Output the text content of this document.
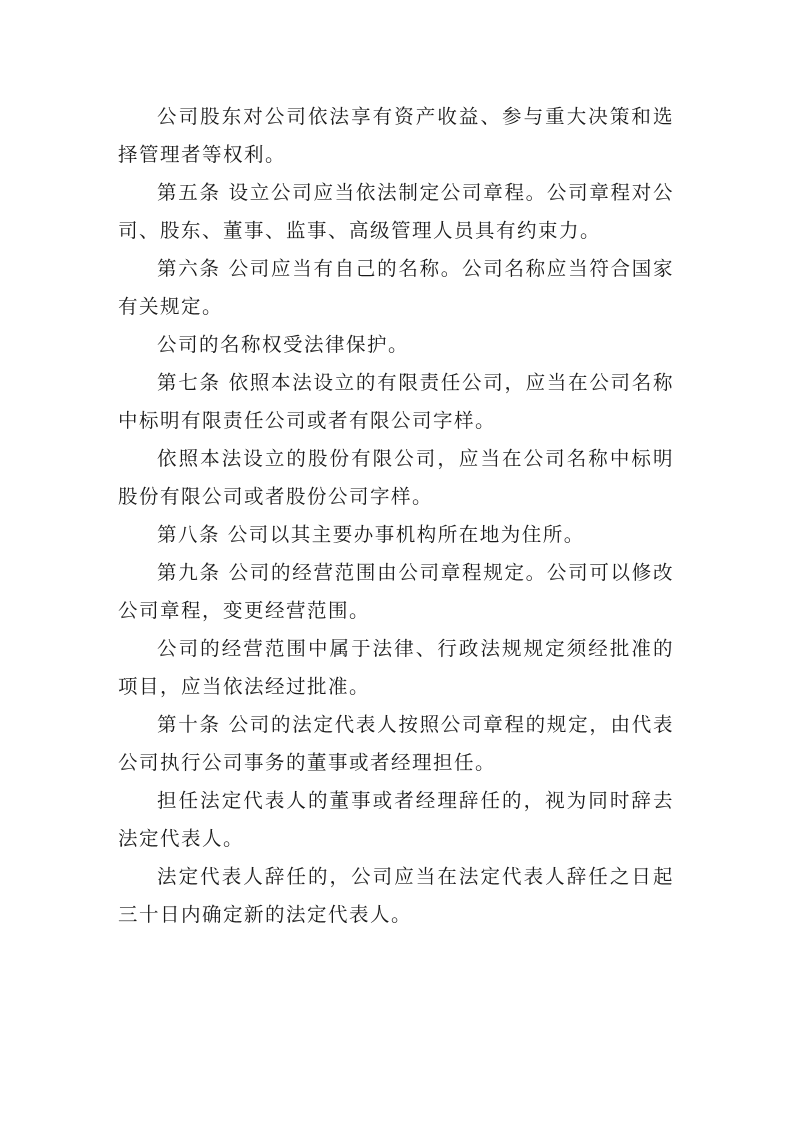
公司股东对公司依法享有资产收益、参与重大决策和选择管理者等权利。

第五条 设立公司应当依法制定公司章程。公司章程对公司、股东、董事、监事、高级管理人员具有约束力。

第六条 公司应当有自己的名称。公司名称应当符合国家有关规定。

公司的名称权受法律保护。

第七条 依照本法设立的有限责任公司，应当在公司名称中标明有限责任公司或者有限公司字样。

依照本法设立的股份有限公司，应当在公司名称中标明股份有限公司或者股份公司字样。

第八条 公司以其主要办事机构所在地为住所。

第九条 公司的经营范围由公司章程规定。公司可以修改公司章程，变更经营范围。

公司的经营范围中属于法律、行政法规规定须经批准的项目，应当依法经过批准。

第十条 公司的法定代表人按照公司章程的规定，由代表公司执行公司事务的董事或者经理担任。

担任法定代表人的董事或者经理辞任的，视为同时辞去法定代表人。

法定代表人辞任的，公司应当在法定代表人辞任之日起三十日内确定新的法定代表人。
